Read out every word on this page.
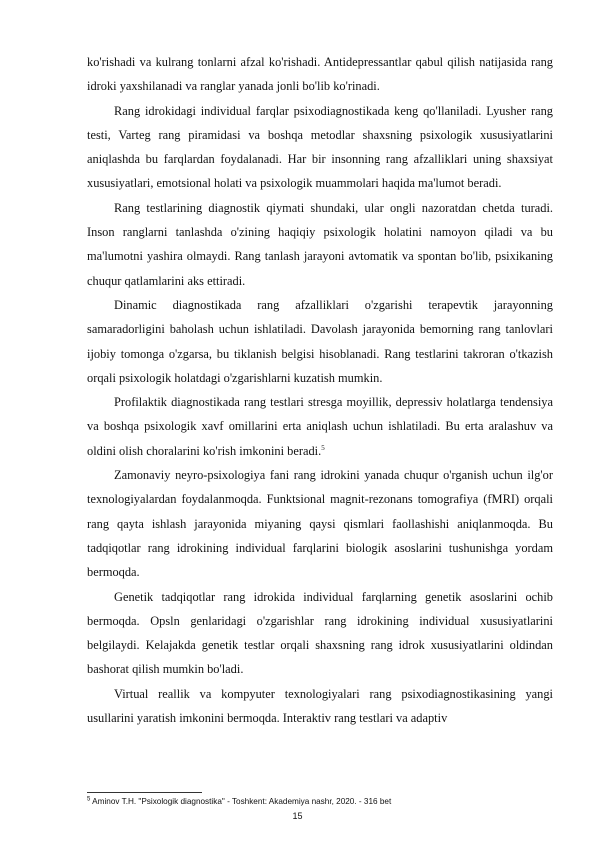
ko'rishadi va kulrang tonlarni afzal ko'rishadi. Antidepressantlar qabul qilish natijasida rang idroki yaxshilanadi va ranglar yanada jonli bo'lib ko'rinadi.

Rang idrokidagi individual farqlar psixodiagnostikada keng qo'llaniladi. Lyusher rang testi, Varteg rang piramidasi va boshqa metodlar shaxsning psixologik xususiyatlarini aniqlashda bu farqlardan foydalanadi. Har bir insonning rang afzalliklari uning shaxsiyat xususiyatlari, emotsional holati va psixologik muammolari haqida ma'lumot beradi.

Rang testlarining diagnostik qiymati shundaki, ular ongli nazoratdan chetda turadi. Inson ranglarni tanlashda o'zining haqiqiy psixologik holatini namoyon qiladi va bu ma'lumotni yashira olmaydi. Rang tanlash jarayoni avtomatik va spontan bo'lib, psixikaning chuqur qatlamlarini aks ettiradi.

Dinamic diagnostikada rang afzalliklari o'zgarishi terapevtik jarayonning samaradorligini baholash uchun ishlatiladi. Davolash jarayonida bemorning rang tanlovlari ijobiy tomonga o'zgarsa, bu tiklanish belgisi hisoblanadi. Rang testlarini takroran o'tkazish orqali psixologik holatdagi o'zgarishlarni kuzatish mumkin.

Profilaktik diagnostikada rang testlari stresga moyillik, depressiv holatlarga tendensiya va boshqa psixologik xavf omillarini erta aniqlash uchun ishlatiladi. Bu erta aralashuv va oldini olish choralarini ko'rish imkonini beradi.$^5$

Zamonaviy neyro-psixologiya fani rang idrokini yanada chuqur o'rganish uchun ilg'or texnologiyalardan foydalanmoqda. Funktsional magnit-rezonans tomografiya (fMRI) orqali rang qayta ishlash jarayonida miyaning qaysi qismlari faollashishi aniqlanmoqda. Bu tadqiqotlar rang idrokining individual farqlarini biologik asoslarini tushunishga yordam bermoqda.

Genetik tadqiqotlar rang idrokida individual farqlarning genetik asoslarini ochib bermoqda. Opsln genlaridagi o'zgarishlar rang idrokining individual xususiyatlarini belgilaydi. Kelajakda genetik testlar orqali shaxsning rang idrok xususiyatlarini oldindan bashorat qilish mumkin bo'ladi.

Virtual reallik va kompyuter texnologiyalari rang psixodiagnostikasining yangi usullarini yaratish imkonini bermoqda. Interaktiv rang testlari va adaptiv

$^5$ Aminov T.H. "Psixologik diagnostika" - Toshkent: Akademiya nashr, 2020. - 316 bet
15
